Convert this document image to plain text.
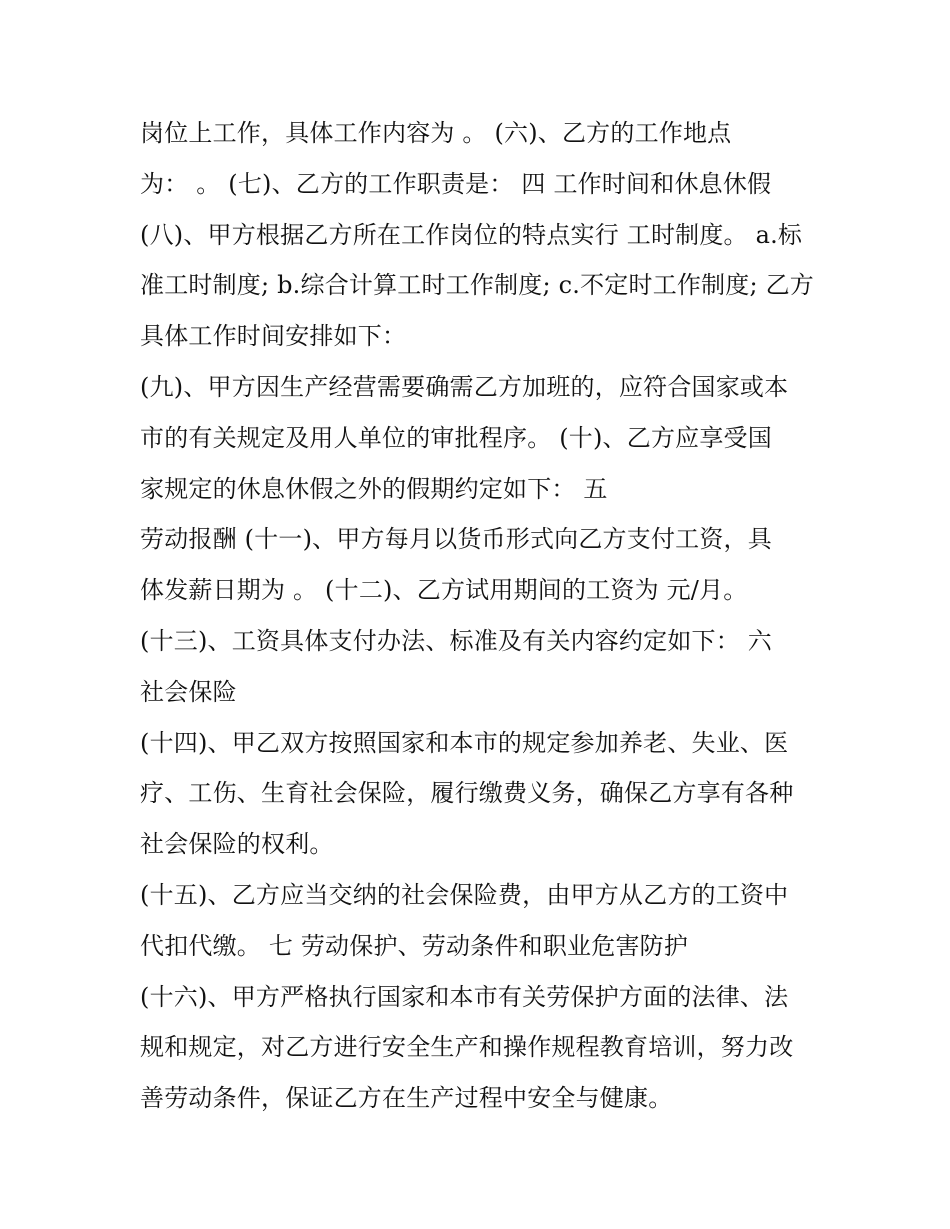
岗位上工作，具体工作内容为 。 (六)、乙方的工作地点
为： 。 (七)、乙方的工作职责是： 四 工作时间和休息休假
(八)、甲方根据乙方所在工作岗位的特点实行 工时制度。 a.标
准工时制度; b.综合计算工时工作制度; c.不定时工作制度; 乙方
具体工作时间安排如下：
(九)、甲方因生产经营需要确需乙方加班的，应符合国家或本
市的有关规定及用人单位的审批程序。 (十)、乙方应享受国
家规定的休息休假之外的假期约定如下： 五
劳动报酬 (十一)、甲方每月以货币形式向乙方支付工资，具
体发薪日期为 。 (十二)、乙方试用期间的工资为 元/月。
(十三)、工资具体支付办法、标准及有关内容约定如下： 六
社会保险
(十四)、甲乙双方按照国家和本市的规定参加养老、失业、医
疗、工伤、生育社会保险，履行缴费义务，确保乙方享有各种
社会保险的权利。
(十五)、乙方应当交纳的社会保险费，由甲方从乙方的工资中
代扣代缴。 七 劳动保护、劳动条件和职业危害防护
(十六)、甲方严格执行国家和本市有关劳保护方面的法律、法
规和规定，对乙方进行安全生产和操作规程教育培训，努力改
善劳动条件，保证乙方在生产过程中安全与健康。
